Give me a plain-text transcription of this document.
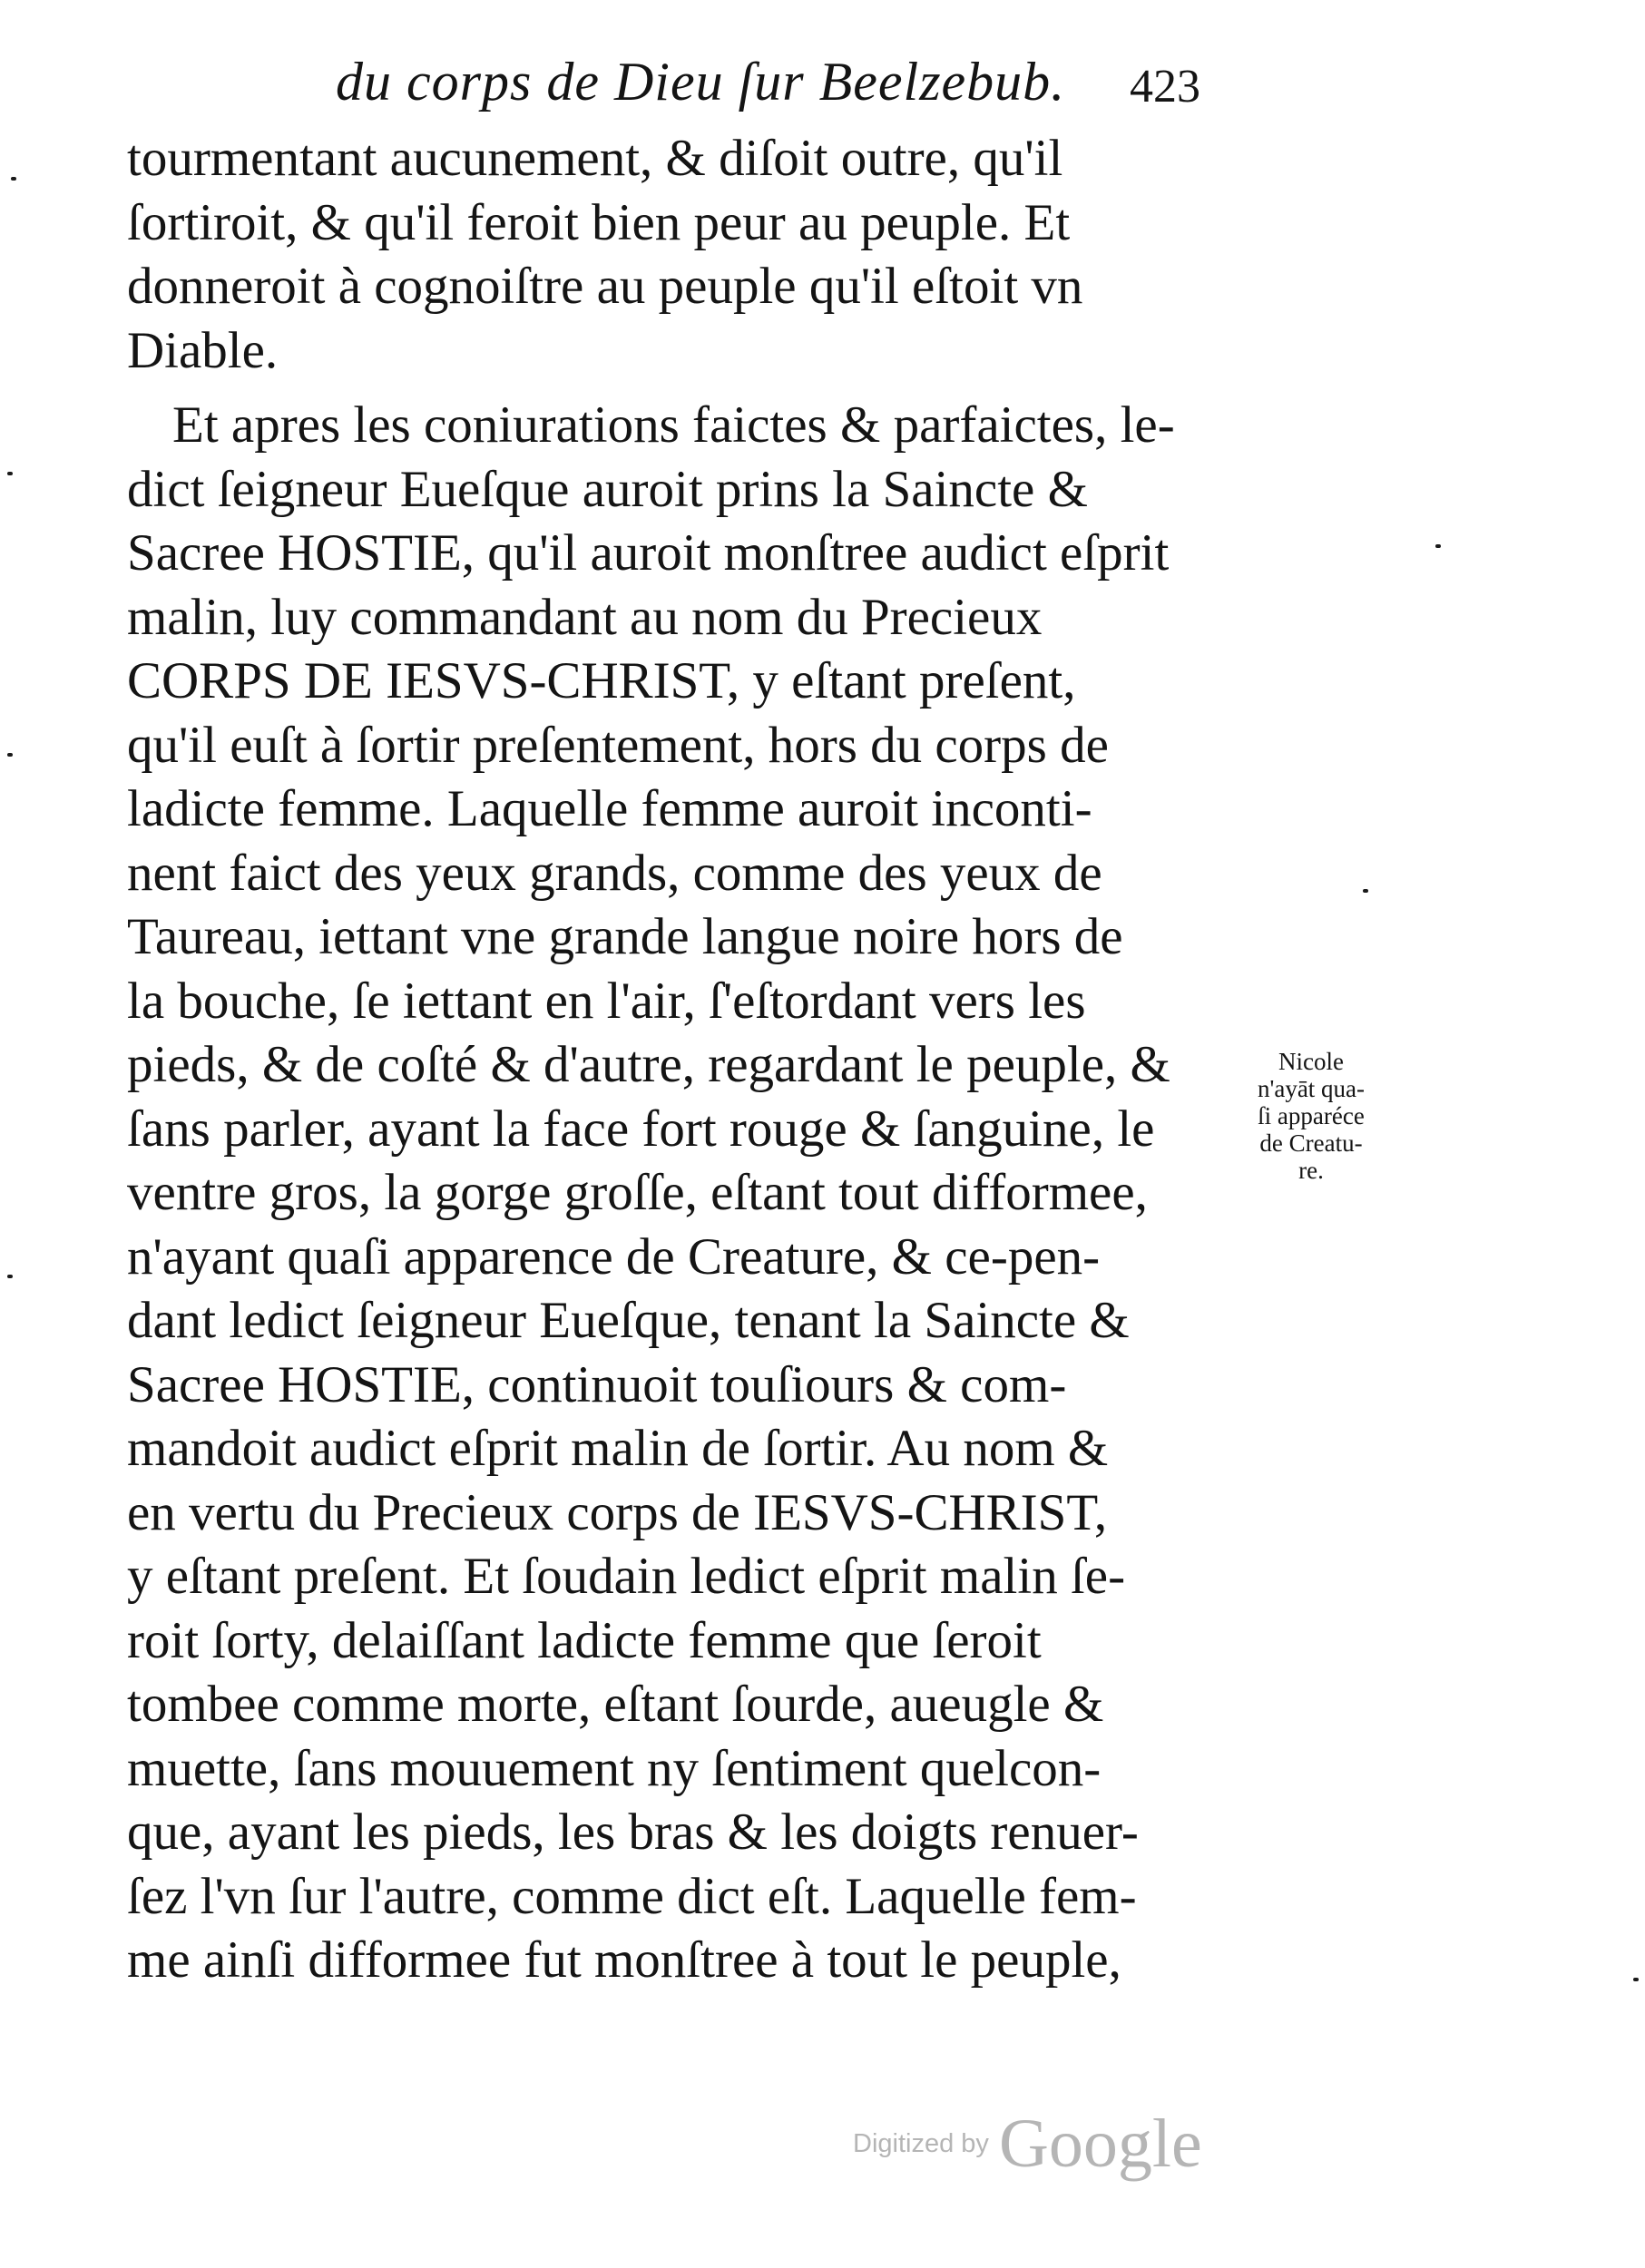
du corps de Dieu ſur Beelzebub. 423
tourmentant aucunement, & diſoit outre, qu'il
ſortiroit, & qu'il feroit bien peur au peuple. Et
donneroit à cognoiſtre au peuple qu'il eſtoit vn
Diable.
Et apres les coniurations faictes & parfaictes, le-
dict ſeigneur Eueſque auroit prins la Saincte &
Sacree HOSTIE, qu'il auroit monſtree audict eſprit
malin, luy commandant au nom du Precieux
CORPS DE IESVS-CHRIST, y eſtant preſent,
qu'il euſt à ſortir preſentement, hors du corps de
ladicte femme. Laquelle femme auroit inconti-
nent faict des yeux grands, comme des yeux de
Taureau, iettant vne grande langue noire hors de
la bouche, ſe iettant en l'air, ſ'eſtordant vers les
pieds, & de coſté & d'autre, regardant le peuple, &
ſans parler, ayant la face fort rouge & ſanguine, le
ventre gros, la gorge groſſe, eſtant tout difformee,
n'ayant quaſi apparence de Creature, & ce-pen-
dant ledict ſeigneur Eueſque, tenant la Saincte &
Sacree HOSTIE, continuoit touſiours & com-
mandoit audict eſprit malin de ſortir. Au nom &
en vertu du Precieux corps de IESVS-CHRIST,
y eſtant preſent. Et ſoudain ledict eſprit malin ſe-
roit ſorty, delaiſſant ladicte femme que ſeroit
tombee comme morte, eſtant ſourde, aueugle &
muette, ſans mouuement ny ſentiment quelcon-
que, ayant les pieds, les bras & les doigts renuer-
ſez l'vn ſur l'autre, comme dict eſt. Laquelle fem-
me ainſi difformee fut monſtree à tout le peuple,
Nicole
n'ayāt qua-
ſi apparéce
de Creatu-
re.
Digitized by Google
